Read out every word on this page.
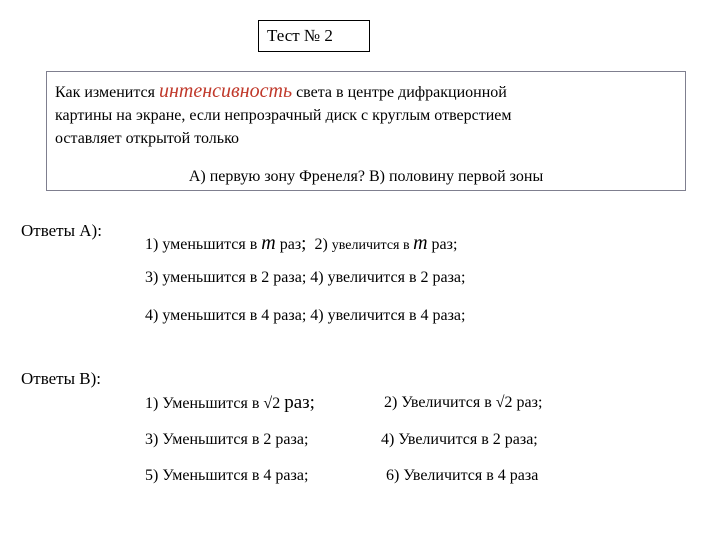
Тест № 2
Как изменится интенсивность света в центре дифракционной
картины на экране, если непрозрачный диск с круглым отверстием
оставляет открытой только
А) первую зону Френеля? В) половину первой зоны
Ответы А):
1) уменьшится в m раз; 2) увеличится в m раз;
3) уменьшится в 2 раза; 4) увеличится в 2 раза;
4) уменьшится в 4 раза; 4) увеличится в 4 раза;
Ответы В):
1) Уменьшится в √2 раз;	2) Увеличится в √2 раз;
3) Уменьшится в 2 раза;	4) Увеличится в 2 раза;
5) Уменьшится в 4 раза;	6) Увеличится в 4 раза
